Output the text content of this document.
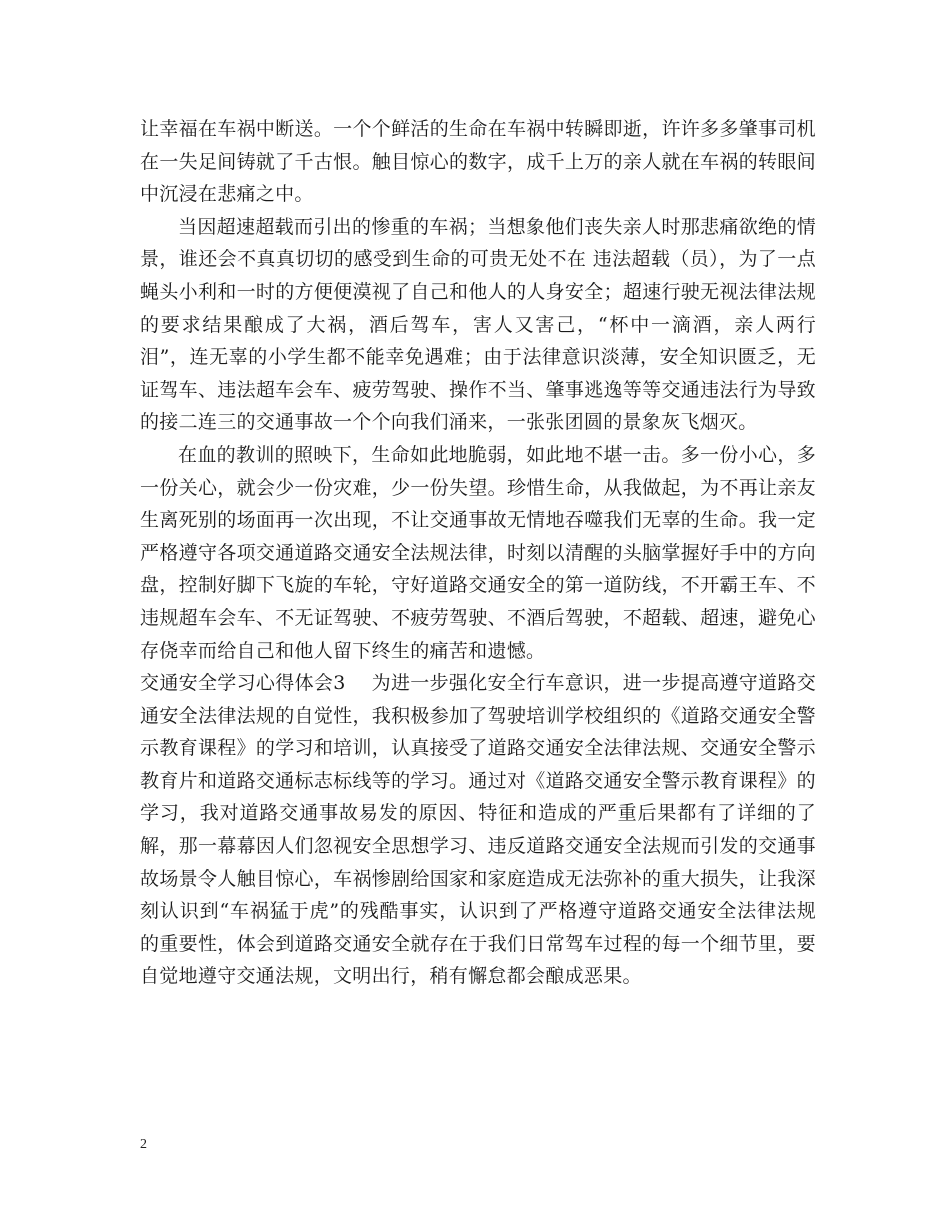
让幸福在车祸中断送。一个个鲜活的生命在车祸中转瞬即逝，许许多多肇事司机在一失足间铸就了千古恨。触目惊心的数字，成千上万的亲人就在车祸的转眼间中沉浸在悲痛之中。

当因超速超载而引出的惨重的车祸；当想象他们丧失亲人时那悲痛欲绝的情景，谁还会不真真切切的感受到生命的可贵无处不在 违法超载（员），为了一点蝇头小利和一时的方便便漠视了自己和他人的人身安全；超速行驶无视法律法规的要求结果酿成了大祸，酒后驾车，害人又害己，“杯中一滴酒，亲人两行泪”，连无辜的小学生都不能幸免遇难；由于法律意识淡薄，安全知识匮乏，无证驾车、违法超车会车、疲劳驾驶、操作不当、肇事逃逸等等交通违法行为导致的接二连三的交通事故一个个向我们涌来，一张张团圆的景象灰飞烟灭。

在血的教训的照映下，生命如此地脆弱，如此地不堪一击。多一份小心，多一份关心，就会少一份灾难，少一份失望。珍惜生命，从我做起，为不再让亲友生离死别的场面再一次出现，不让交通事故无情地吞噬我们无辜的生命。我一定严格遵守各项交通道路交通安全法规法律，时刻以清醒的头脑掌握好手中的方向盘，控制好脚下飞旋的车轮，守好道路交通安全的第一道防线，不开霸王车、不违规超车会车、不无证驾驶、不疲劳驾驶、不酒后驾驶，不超载、超速，避免心存侥幸而给自己和他人留下终生的痛苦和遗憾。

交通安全学习心得体会3 为进一步强化安全行车意识，进一步提高遵守道路交通安全法律法规的自觉性，我积极参加了驾驶培训学校组织的《道路交通安全警示教育课程》的学习和培训，认真接受了道路交通安全法律法规、交通安全警示教育片和道路交通标志标线等的学习。通过对《道路交通安全警示教育课程》的学习，我对道路交通事故易发的原因、特征和造成的严重后果都有了详细的了解，那一幕幕因人们忽视安全思想学习、违反道路交通安全法规而引发的交通事故场景令人触目惊心，车祸惨剧给国家和家庭造成无法弥补的重大损失，让我深刻认识到“车祸猛于虎”的残酷事实，认识到了严格遵守道路交通安全法律法规的重要性，体会到道路交通安全就存在于我们日常驾车过程的每一个细节里，要自觉地遵守交通法规，文明出行，稍有懈怠都会酿成恶果。

2
